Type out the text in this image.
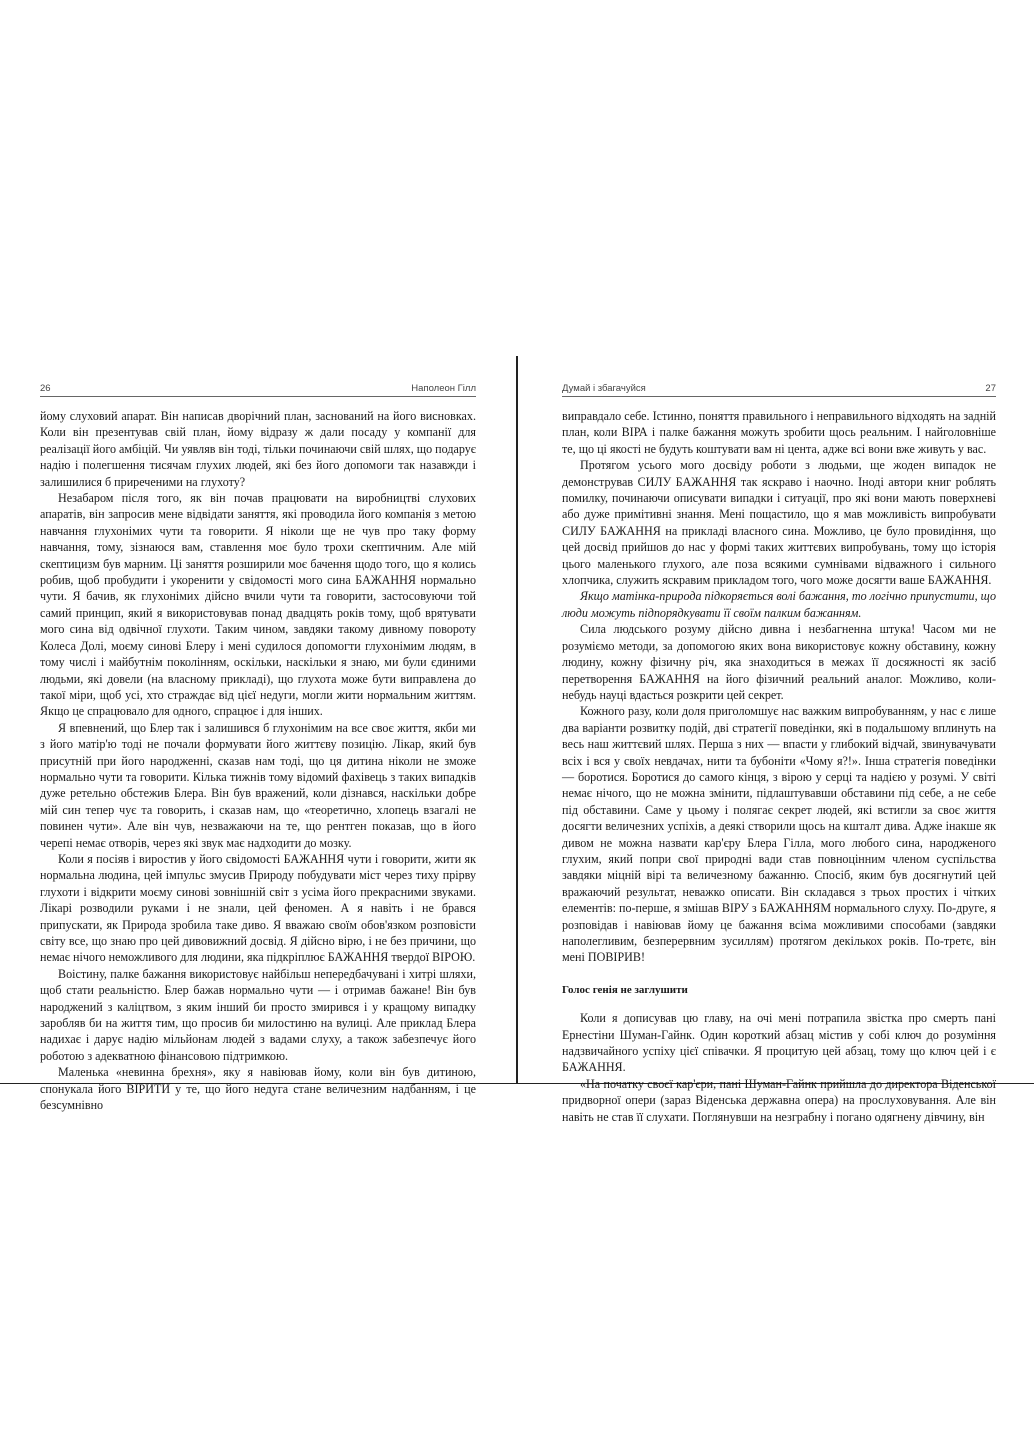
26	Наполеон Гілл

йому слуховий апарат. Він написав дворічний план, заснований на його висновках. Коли він презентував свій план, йому відразу ж дали посаду у компанії для реалізації його амбіцій. Чи уявляв він тоді, тільки починаючи свій шлях, що подарує надію і полегшення тисячам глухих людей, які без його допомоги так назавжди і залишилися б приреченими на глухоту?

Незабаром після того, як він почав працювати на виробництві слухових апаратів, він запросив мене відвідати заняття, які проводила його компанія з метою навчання глухонімих чути та говорити. Я ніколи ще не чув про таку форму навчання, тому, зізнаюся вам, ставлення моє було трохи скептичним. Але мій скептицизм був марним. Ці заняття розширили моє бачення щодо того, що я колись робив, щоб пробудити і укоренити у свідомості мого сина БАЖАННЯ нормально чути. Я бачив, як глухонімих дійсно вчили чути та говорити, застосовуючи той самий принцип, який я використовував понад двадцять років тому, щоб врятувати мого сина від одвічної глухоти. Таким чином, завдяки такому дивному повороту Колеса Долі, моєму синові Блеру і мені судилося допомогти глухонімим людям, в тому числі і майбутнім поколінням, оскільки, наскільки я знаю, ми були єдиними людьми, які довели (на власному прикладі), що глухота може бути виправлена до такої міри, щоб усі, хто страждає від цієї недуги, могли жити нормальним життям. Якщо це спрацювало для одного, спрацює і для інших.

Я впевнений, що Блер так і залишився б глухонімим на все своє життя, якби ми з його матір'ю тоді не почали формувати його життєву позицію. Лікар, який був присутній при його народженні, сказав нам тоді, що ця дитина ніколи не зможе нормально чути та говорити. Кілька тижнів тому відомий фахівець з таких випадків дуже ретельно обстежив Блера. Він був вражений, коли дізнався, наскільки добре мій син тепер чує та говорить, і сказав нам, що «теоретично, хлопець взагалі не повинен чути». Але він чув, незважаючи на те, що рентген показав, що в його черепі немає отворів, через які звук має надходити до мозку.

Коли я посіяв і виростив у його свідомості БАЖАННЯ чути і говорити, жити як нормальна людина, цей імпульс змусив Природу побудувати міст через тиху прірву глухоти і відкрити моєму синові зовнішній світ з усіма його прекрасними звуками. Лікарі розводили руками і не знали, цей феномен. А я навіть і не брався припускати, як Природа зробила таке диво. Я вважаю своїм обов'язком розповісти світу все, що знаю про цей дивовижний досвід. Я дійсно вірю, і не без причини, що немає нічого неможливого для людини, яка підкріплює БАЖАННЯ твердої ВІРОЮ.

Воістину, палке бажання використовує найбільш непередбачувані і хитрі шляхи, щоб стати реальністю. Блер бажав нормально чути — і отримав бажане! Він був народжений з каліцтвом, з яким інший би просто змирився і у кращому випадку заробляв би на життя тим, що просив би милостиню на вулиці. Але приклад Блера надихає і дарує надію мільйонам людей з вадами слуху, а також забезпечує його роботою з адекватною фінансовою підтримкою.

Маленька «невинна брехня», яку я навіював йому, коли він був дитиною, спонукала його ВІРИТИ у те, що його недуга стане величезним надбанням, і це безсумнівно

Думай і збагачуйся	27

виправдало себе. Істинно, поняття правильного і неправильного відходять на задній план, коли ВІРА і палке бажання можуть зробити щось реальним. І найголовніше те, що ці якості не будуть коштувати вам ні цента, адже всі вони вже живуть у вас.

Протягом усього мого досвіду роботи з людьми, ще жоден випадок не демонстрував СИЛУ БАЖАННЯ так яскраво і наочно. Іноді автори книг роблять помилку, починаючи описувати випадки і ситуації, про які вони мають поверхневі або дуже примітивні знання. Мені пощастило, що я мав можливість випробувати СИЛУ БАЖАННЯ на прикладі власного сина. Можливо, це було провидіння, що цей досвід прийшов до нас у формі таких життєвих випробувань, тому що історія цього маленького глухого, але поза всякими сумнівами відважного і сильного хлопчика, служить яскравим прикладом того, чого може досягти ваше БАЖАННЯ.

Якщо матінка-природа підкоряється волі бажання, то логічно припустити, що люди можуть підпорядкувати її своїм палким бажанням.

Сила людського розуму дійсно дивна і незбагненна штука! Часом ми не розуміємо методи, за допомогою яких вона використовує кожну обставину, кожну людину, кожну фізичну річ, яка знаходиться в межах її досяжності як засіб перетворення БАЖАННЯ на його фізичний реальний аналог. Можливо, коли-небудь науці вдасться розкрити цей секрет.

Кожного разу, коли доля приголомшує нас важким випробуванням, у нас є лише два варіанти розвитку подій, дві стратегії поведінки, які в подальшому вплинуть на весь наш життєвий шлях. Перша з них — впасти у глибокий відчай, звинувачувати всіх і вся у своїх невдачах, нити та бубоніти «Чому я?!». Інша стратегія поведінки — боротися. Боротися до самого кінця, з вірою у серці та надією у розумі. У світі немає нічого, що не можна змінити, підлаштувавши обставини під себе, а не себе під обставини. Саме у цьому і полягає секрет людей, які встигли за своє життя досягти величезних успіхів, а деякі створили щось на кшталт дива. Адже інакше як дивом не можна назвати кар'єру Блера Гілла, мого любого сина, народженого глухим, який попри свої природні вади став повноцінним членом суспільства завдяки міцній вірі та величезному бажанню. Спосіб, яким був досягнутий цей вражаючий результат, неважко описати. Він складався з трьох простих і чітких елементів: по-перше, я змішав ВІРУ з БАЖАННЯМ нормального слуху. По-друге, я розповідав і навіював йому це бажання всіма можливими способами (завдяки наполегливим, безперервним зусиллям) протягом декількох років. По-третє, він мені ПОВІРИВ!

Голос генія не заглушити

Коли я дописував цю главу, на очі мені потрапила звістка про смерть пані Ернестіни Шуман-Гайнк. Один короткий абзац містив у собі ключ до розуміння надзвичайного успіху цієї співачки. Я процитую цей абзац, тому що ключ цей і є БАЖАННЯ.

«На початку своєї кар'єри, пані Шуман-Гайнк прийшла до директора Віденської придворної опери (зараз Віденська державна опера) на прослуховування. Але він навіть не став її слухати. Поглянувши на незграбну і погано одягнену дівчину, він
